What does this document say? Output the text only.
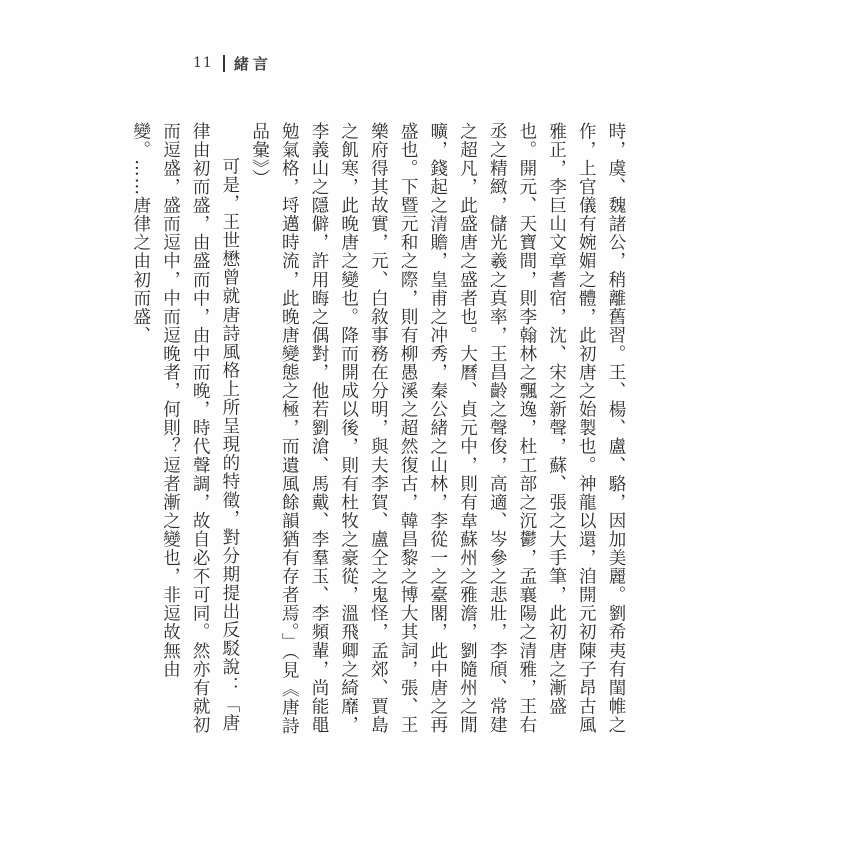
11 緒言

時，虞、魏諸公，稍離舊習。王、楊、盧、駱，因加美麗。劉希夷有閨帷之作，上官儀有婉媚之體，此初唐之始製也。神龍以還，洎開元初陳子昂古風雅正，李巨山文章耆宿，沈、宋之新聲，蘇、張之大手筆，此初唐之漸盛也。開元、天寶間，則李翰林之飄逸，杜工部之沉鬱，孟襄陽之清雅，王右丞之精緻，儲光羲之真率，王昌齡之聲俊，高適、岑參之悲壯，李頎、常建之超凡，此盛唐之盛者也。大曆、貞元中，則有韋蘇州之雅澹，劉隨州之閒曠，錢起之清贍，皇甫之冲秀，秦公緒之山林，李從一之臺閣，此中唐之再盛也。下暨元和之際，則有柳愚溪之超然復古，韓昌黎之博大其詞，張、王樂府得其故實，元、白敘事務在分明，與夫李賀、盧仝之鬼怪，孟郊、賈島之飢寒，此晚唐之變也。降而開成以後，則有杜牧之豪從，溫飛卿之綺靡，李義山之隱僻，許用晦之偶對，他若劉滄、馬戴、李羣玉、李頻輩，尚能黽勉氣格，埒邁時流，此晚唐變態之極，而遺風餘韻猶有存者焉。」（見《唐詩品彙》）

可是，王世懋曾就唐詩風格上所呈現的特徵，對分期提出反駁說：「唐律由初而盛，由盛而中，由中而晚，時代聲調，故自必不可同。然亦有就初而逗盛，盛而逗中，中而逗晚者，何則？逗者漸之變也，非逗故無由變。……唐律之由初而盛、
